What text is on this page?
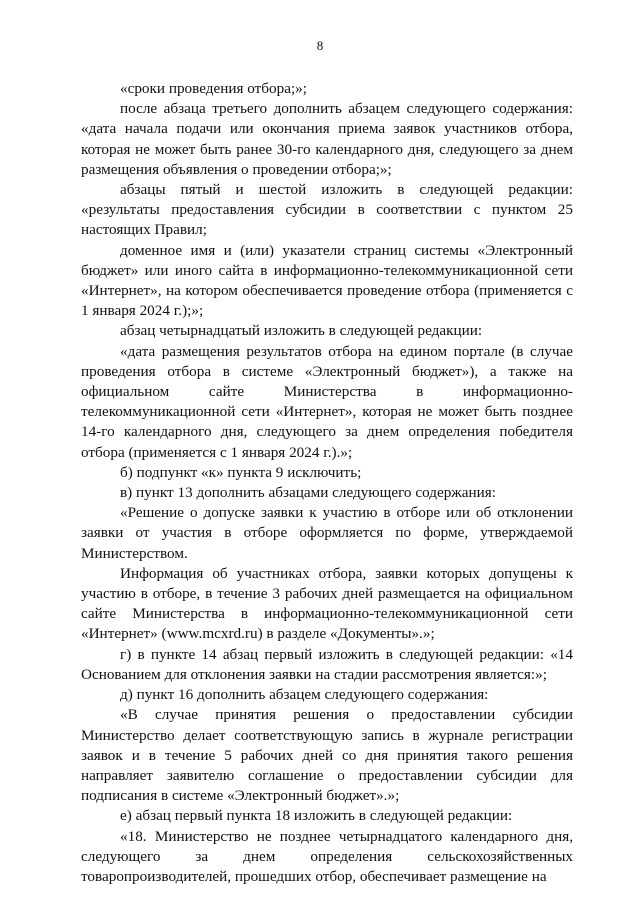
8

«сроки проведения отбора;»;

после абзаца третьего дополнить абзацем следующего содержания: «дата начала подачи или окончания приема заявок участников отбора, которая не может быть ранее 30-го календарного дня, следующего за днем размещения объявления о проведении отбора;»;

абзацы пятый и шестой изложить в следующей редакции: «результаты предоставления субсидии в соответствии с пунктом 25 настоящих Правил;

доменное имя и (или) указатели страниц системы «Электронный бюджет» или иного сайта в информационно-телекоммуникационной сети «Интернет», на котором обеспечивается проведение отбора (применяется с 1 января 2024 г.);»;

абзац четырнадцатый изложить в следующей редакции:

«дата размещения результатов отбора на едином портале (в случае проведения отбора в системе «Электронный бюджет»), а также на официальном сайте Министерства в информационно-телекоммуникационной сети «Интернет», которая не может быть позднее 14-го календарного дня, следующего за днем определения победителя отбора (применяется с 1 января 2024 г.).»;

б) подпункт «к» пункта 9 исключить;

в) пункт 13 дополнить абзацами следующего содержания:

«Решение о допуске заявки к участию в отборе или об отклонении заявки от участия в отборе оформляется по форме, утверждаемой Министерством.

Информация об участниках отбора, заявки которых допущены к участию в отборе, в течение 3 рабочих дней размещается на официальном сайте Министерства в информационно-телекоммуникационной сети «Интернет» (www.mcxrd.ru) в разделе «Документы».»;

г) в пункте 14 абзац первый изложить в следующей редакции: «14 Основанием для отклонения заявки на стадии рассмотрения является:»;

д) пункт 16 дополнить абзацем следующего содержания:

«В случае принятия решения о предоставлении субсидии Министерство делает соответствующую запись в журнале регистрации заявок и в течение 5 рабочих дней со дня принятия такого решения направляет заявителю соглашение о предоставлении субсидии для подписания в системе «Электронный бюджет».»;

е) абзац первый пункта 18 изложить в следующей редакции:

«18. Министерство не позднее четырнадцатого календарного дня, следующего за днем определения сельскохозяйственных товаропроизводителей, прошедших отбор, обеспечивает размещение на
